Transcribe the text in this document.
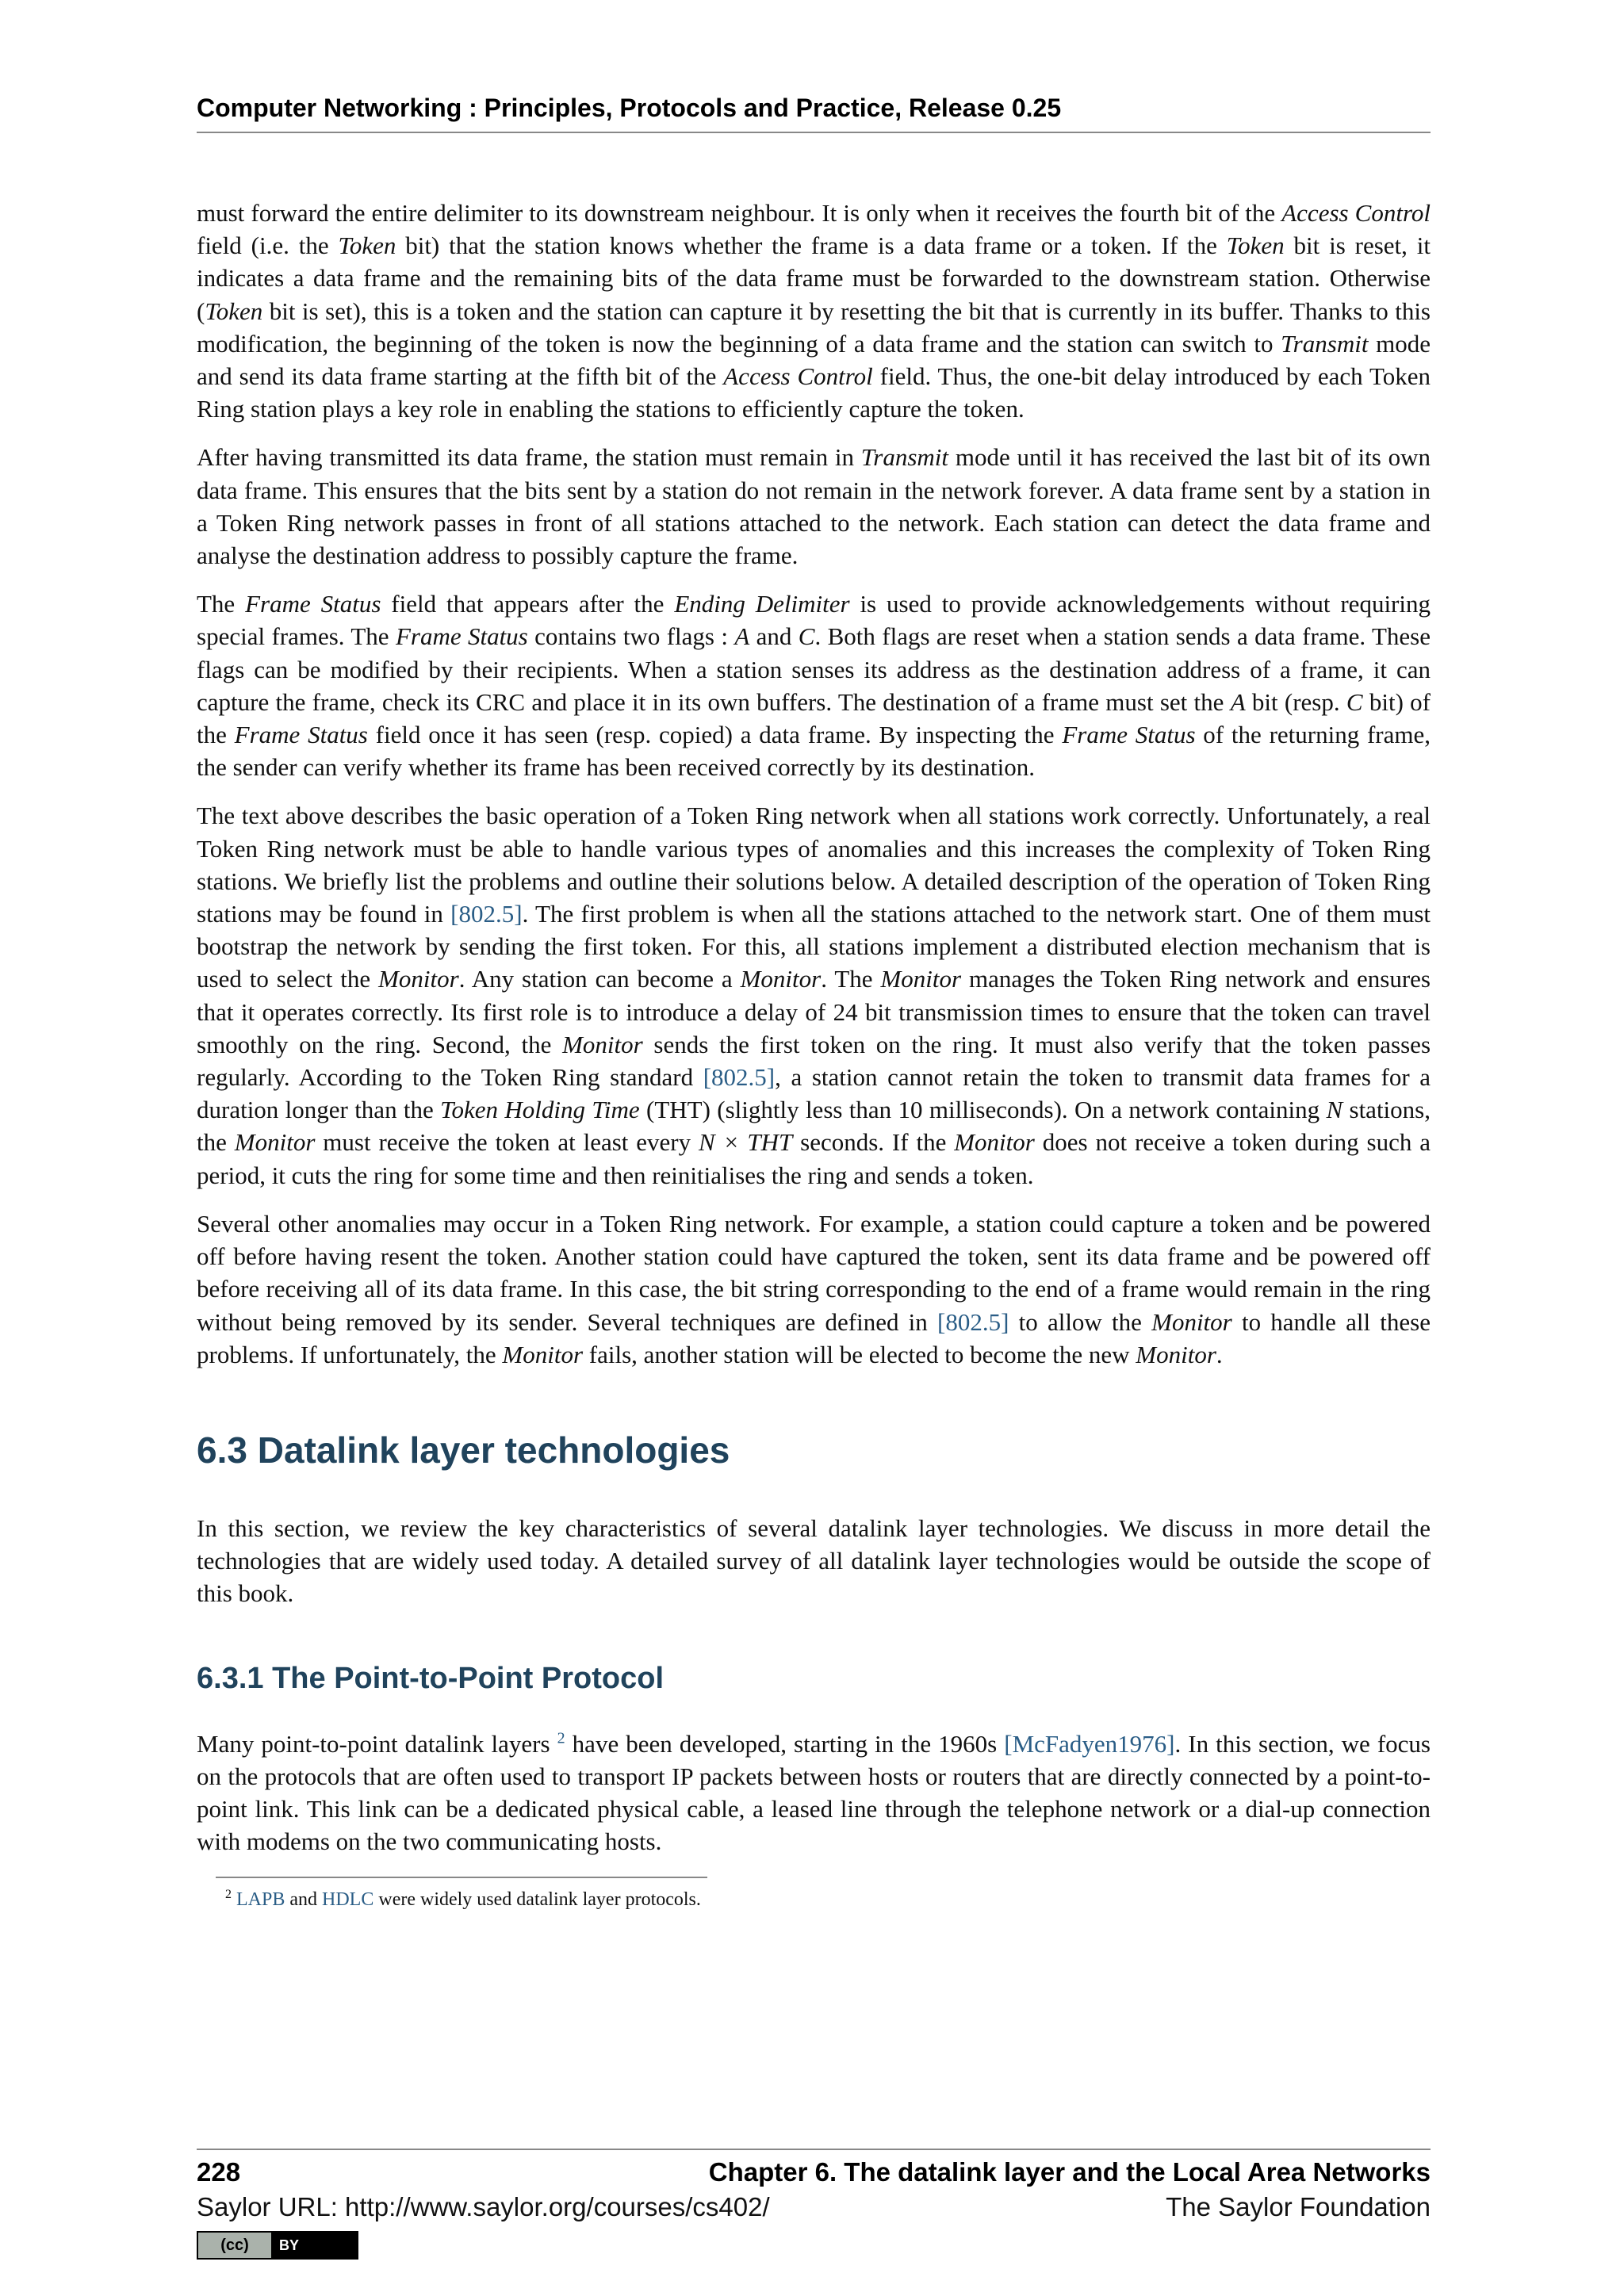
Computer Networking : Principles, Protocols and Practice, Release 0.25

must forward the entire delimiter to its downstream neighbour. It is only when it receives the fourth bit of the Access Control field (i.e. the Token bit) that the station knows whether the frame is a data frame or a token. If the Token bit is reset, it indicates a data frame and the remaining bits of the data frame must be forwarded to the downstream station. Otherwise (Token bit is set), this is a token and the station can capture it by resetting the bit that is currently in its buffer. Thanks to this modification, the beginning of the token is now the beginning of a data frame and the station can switch to Transmit mode and send its data frame starting at the fifth bit of the Access Control field. Thus, the one-bit delay introduced by each Token Ring station plays a key role in enabling the stations to efficiently capture the token.

After having transmitted its data frame, the station must remain in Transmit mode until it has received the last bit of its own data frame. This ensures that the bits sent by a station do not remain in the network forever. A data frame sent by a station in a Token Ring network passes in front of all stations attached to the network. Each station can detect the data frame and analyse the destination address to possibly capture the frame.

The Frame Status field that appears after the Ending Delimiter is used to provide acknowledgements without requiring special frames. The Frame Status contains two flags : A and C. Both flags are reset when a station sends a data frame. These flags can be modified by their recipients. When a station senses its address as the destination address of a frame, it can capture the frame, check its CRC and place it in its own buffers. The destination of a frame must set the A bit (resp. C bit) of the Frame Status field once it has seen (resp. copied) a data frame. By inspecting the Frame Status of the returning frame, the sender can verify whether its frame has been received correctly by its destination.

The text above describes the basic operation of a Token Ring network when all stations work correctly. Unfortunately, a real Token Ring network must be able to handle various types of anomalies and this increases the complexity of Token Ring stations. We briefly list the problems and outline their solutions below. A detailed description of the operation of Token Ring stations may be found in [802.5]. The first problem is when all the stations attached to the network start. One of them must bootstrap the network by sending the first token. For this, all stations implement a distributed election mechanism that is used to select the Monitor. Any station can become a Monitor. The Monitor manages the Token Ring network and ensures that it operates correctly. Its first role is to introduce a delay of 24 bit transmission times to ensure that the token can travel smoothly on the ring. Second, the Monitor sends the first token on the ring. It must also verify that the token passes regularly. According to the Token Ring standard [802.5], a station cannot retain the token to transmit data frames for a duration longer than the Token Holding Time (THT) (slightly less than 10 milliseconds). On a network containing N stations, the Monitor must receive the token at least every N × THT seconds. If the Monitor does not receive a token during such a period, it cuts the ring for some time and then reinitialises the ring and sends a token.

Several other anomalies may occur in a Token Ring network. For example, a station could capture a token and be powered off before having resent the token. Another station could have captured the token, sent its data frame and be powered off before receiving all of its data frame. In this case, the bit string corresponding to the end of a frame would remain in the ring without being removed by its sender. Several techniques are defined in [802.5] to allow the Monitor to handle all these problems. If unfortunately, the Monitor fails, another station will be elected to become the new Monitor.

6.3 Datalink layer technologies

In this section, we review the key characteristics of several datalink layer technologies. We discuss in more detail the technologies that are widely used today. A detailed survey of all datalink layer technologies would be outside the scope of this book.

6.3.1 The Point-to-Point Protocol

Many point-to-point datalink layers $^2$ have been developed, starting in the 1960s [McFadyen1976]. In this section, we focus on the protocols that are often used to transport IP packets between hosts or routers that are directly connected by a point-to-point link. This link can be a dedicated physical cable, a leased line through the telephone network or a dial-up connection with modems on the two communicating hosts.

$^2$ LAPB and HDLC were widely used datalink layer protocols.
228	Chapter 6. The datalink layer and the Local Area Networks
Saylor URL: http://www.saylor.org/courses/cs402/	The Saylor Foundation
(cc)	BY
